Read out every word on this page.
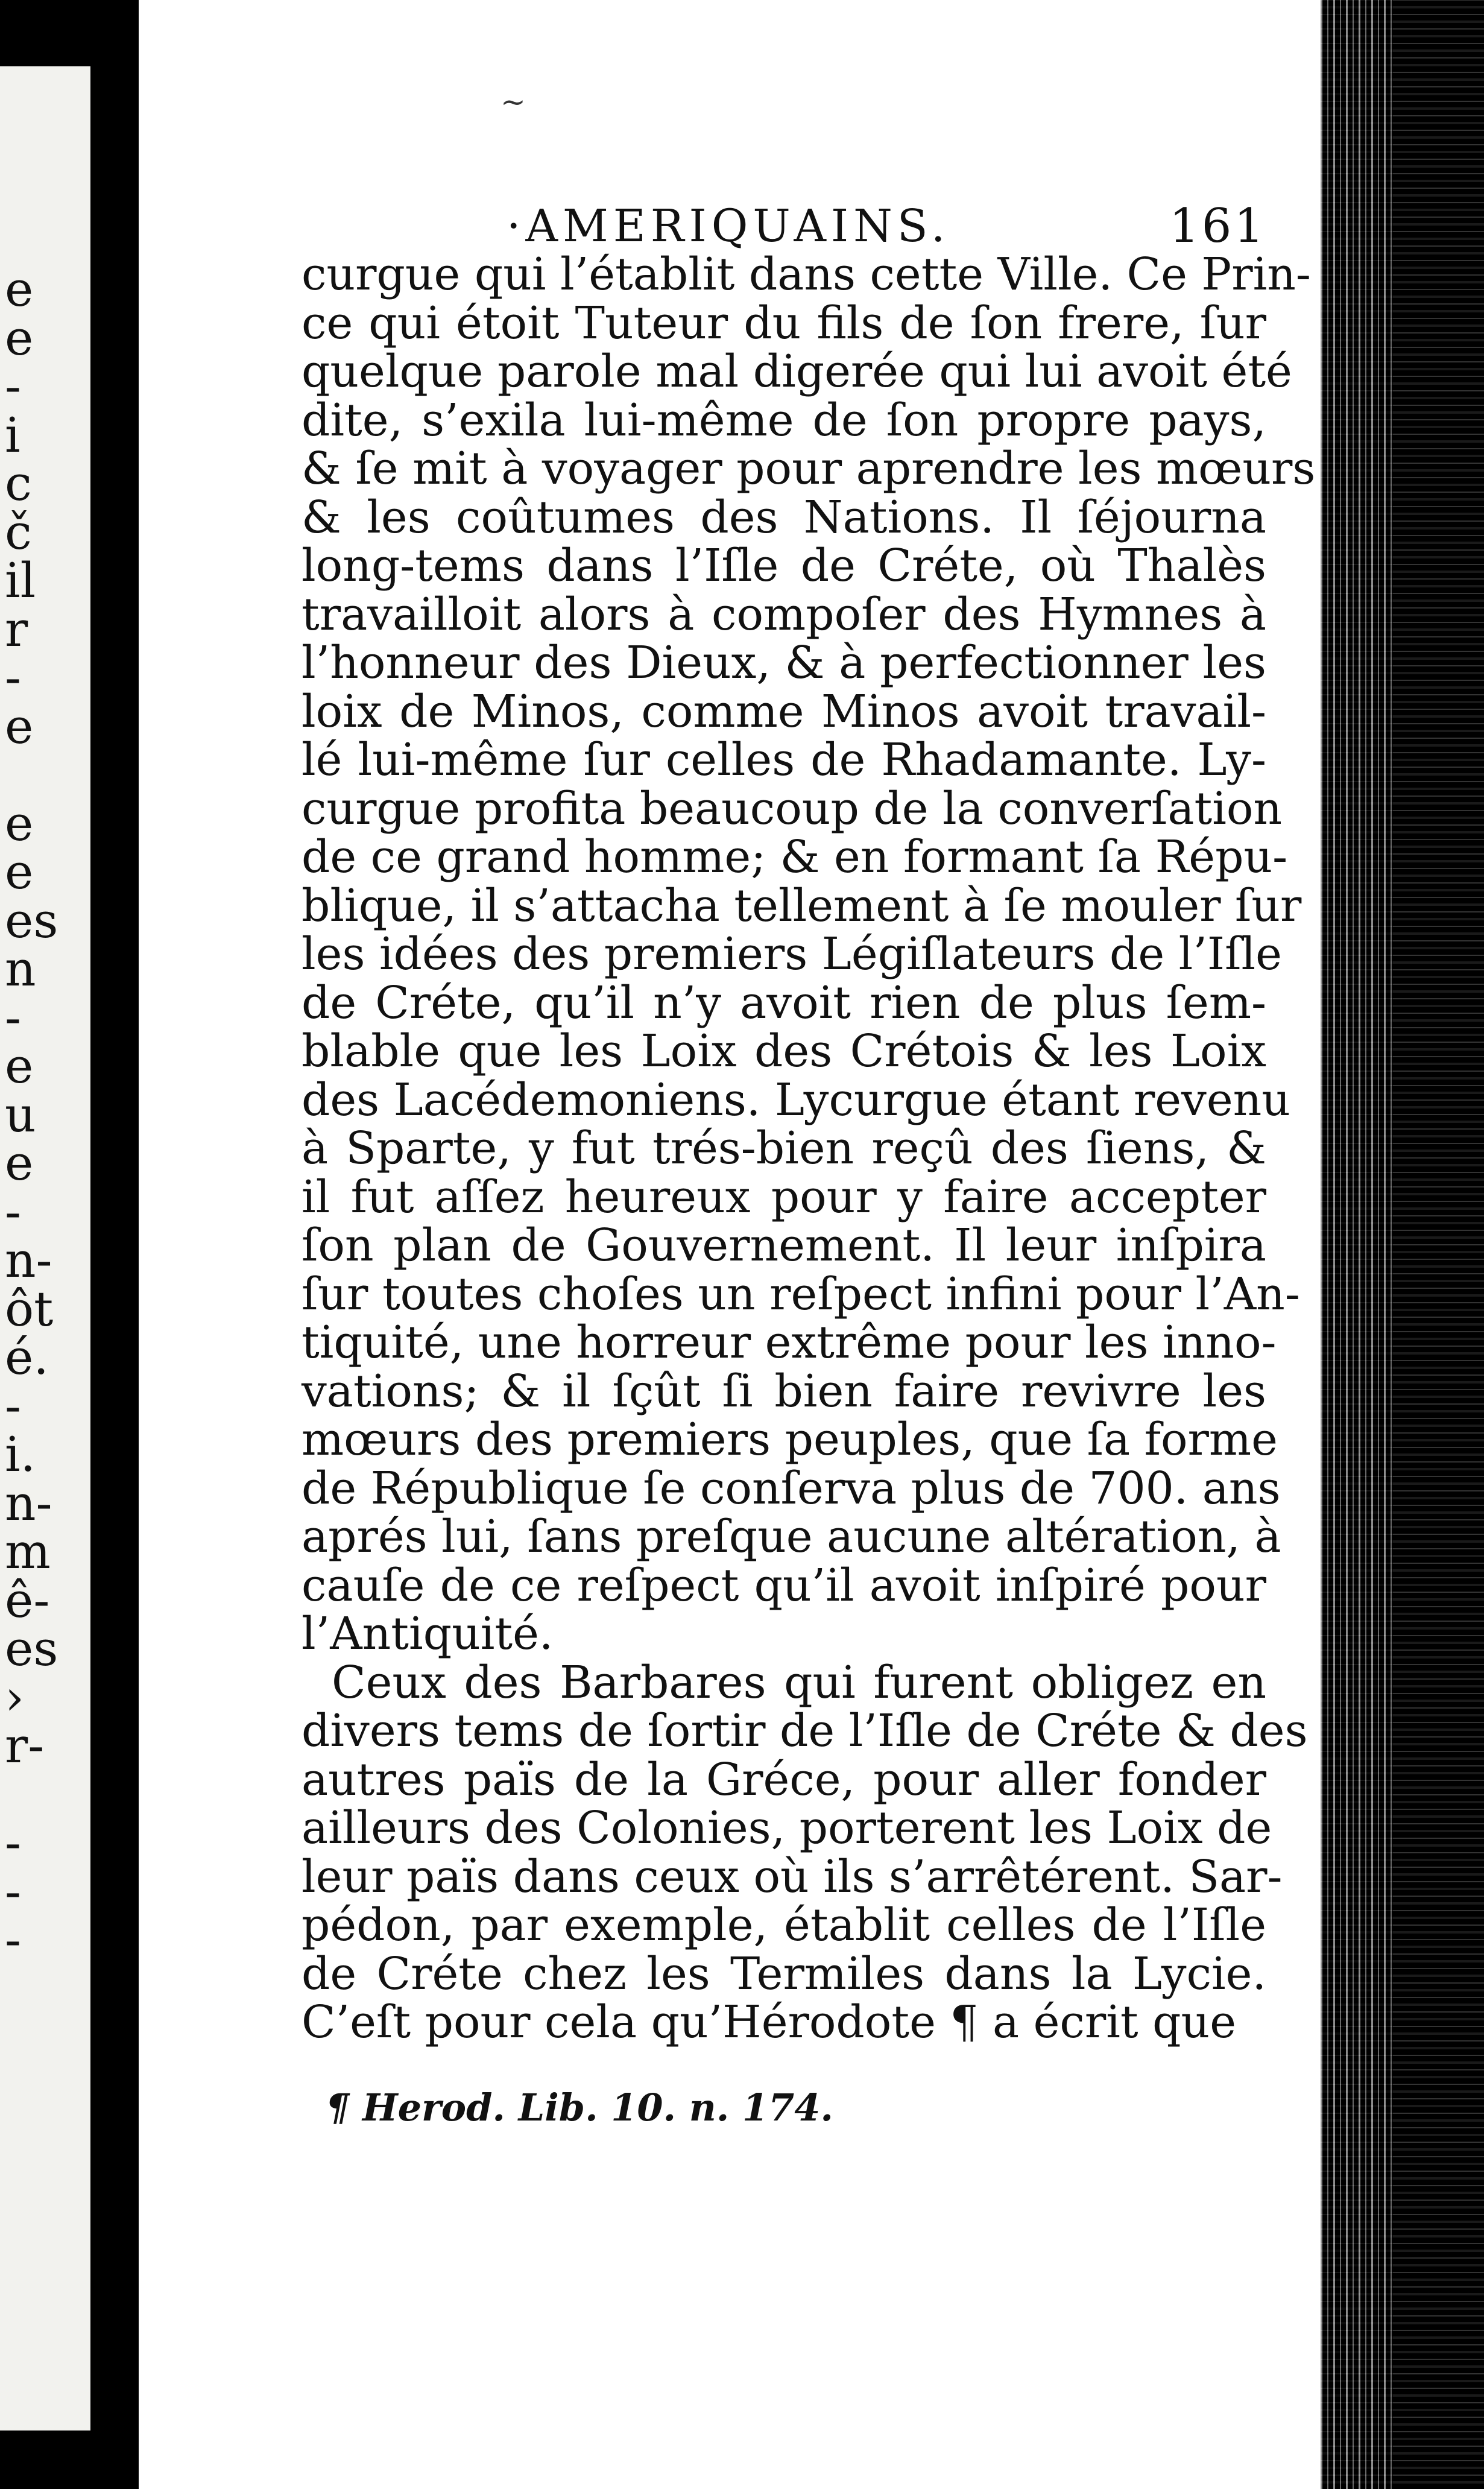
e
e
-
i
c
č
il
r
-
e
e
e
es
n
-
e
u
e
-
n-
ôt
é.
-
i.
n-
m
ê-
es
›
r-
-
-
-
~
·AMERIQUAINS.	161
curgue qui l’établit dans cette Ville. Ce Prin-
ce qui étoit Tuteur du fils de ſon frere, ſur
quelque parole mal digerée qui lui avoit été
dite, s’exila lui-même de ſon propre pays,
& ſe mit à voyager pour aprendre les mœurs
& les coûtumes des Nations. Il ſéjourna
long-tems dans l’Iſle de Créte, où Thalès
travailloit alors à compoſer des Hymnes à
l’honneur des Dieux, & à perfectionner les
loix de Minos, comme Minos avoit travail-
lé lui-même ſur celles de Rhadamante. Ly-
curgue profita beaucoup de la converſation
de ce grand homme; & en formant ſa Répu-
blique, il s’attacha tellement à ſe mouler ſur
les idées des premiers Légiſlateurs de l’Iſle
de Créte, qu’il n’y avoit rien de plus ſem-
blable que les Loix des Crétois & les Loix
des Lacédemoniens. Lycurgue étant revenu
à Sparte, y fut trés-bien reçû des ſiens, &
il fut aſſez heureux pour y faire accepter
ſon plan de Gouvernement. Il leur inſpira
ſur toutes choſes un reſpect infini pour l’An-
tiquité, une horreur extrême pour les inno-
vations; & il ſçût ſi bien faire revivre les
mœurs des premiers peuples, que ſa forme
de République ſe conſerva plus de 700. ans
aprés lui, ſans preſque aucune altération, à
cauſe de ce reſpect qu’il avoit inſpiré pour
l’Antiquité.
Ceux des Barbares qui furent obligez en
divers tems de ſortir de l’Iſle de Créte & des
autres païs de la Gréce, pour aller fonder
ailleurs des Colonies, porterent les Loix de
leur païs dans ceux où ils s’arrêtérent. Sar-
pédon, par exemple, établit celles de l’Iſle
de Créte chez les Termiles dans la Lycie.
C’eſt pour cela qu’Hérodote ¶ a écrit que
¶ Herod. Lib. 10. n. 174.
